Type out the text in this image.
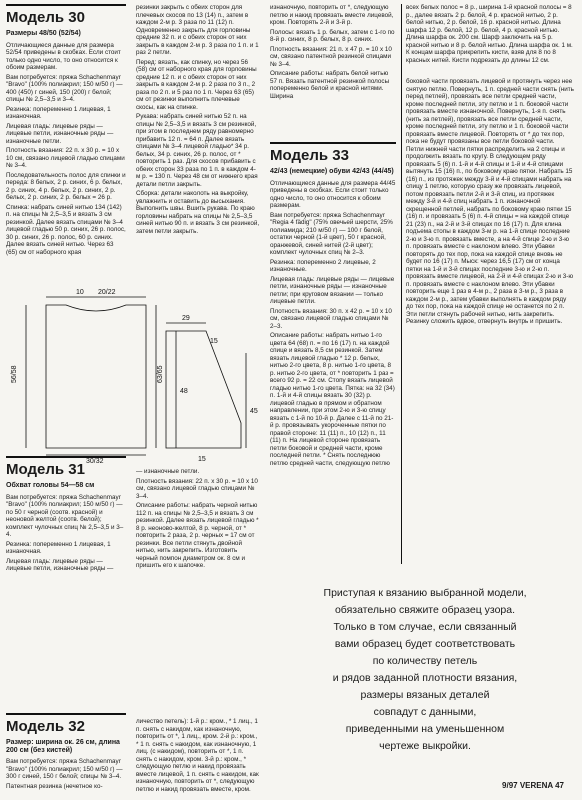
Модель 30
Размеры 48/50 (52/54)

Отличающиеся данные для размера 52/54 приведены в скобках. Если стоит только одно число, то оно относится к обоим размерам.

Вам потребуется: пряжа Schachenmayr "Bravo" (100% полиакрил; 150 м/50 г) — 400 (450) г синей, 150 (200) г белой; спицы № 2,5–3,5 и 3–4.

Резинка: попеременно 1 лицевая, 1 изнаночная.

Лицевая гладь: лицевые ряды — лицевые петли, изнаночные ряды — изнаночные петли.

Плотность вязания: 22 п. х 30 р. = 10 х 10 см, связано лицевой гладью спицами № 3–4.

Последовательность полос для спинки и переда: 8 белых, 2 р. синих, 6 р. белых, 2 р. синих, 4 р. белых, 2 р. синих, 2 р. белых, 2 р. синих, 2 р. белых = 26 р.

Спинка: набрать синей нитью 134 (142) п. на спицы № 2,5–3,5 и вязать 3 см резинкой. Далее вязать спицами № 3–4 лицевой гладью 50 р. синих, 26 р. полос, 30 р. синих, 26 р. полос, 60 р. синих. Далее вязать синей нитью. Через 63 (65) см от наборного края

10 20/22
56/58	63/65
30/32
29
15
48
45
15
Модель 31
Обхват головы 54—58 см

Вам потребуется: пряжа Schachenmayr "Bravo" (100% полиакрил; 150 м/50 г) — по 50 г черной (соотв. красной) и неоновой желтой (соотв. белой); комплект чулочных спиц № 2,5–3,5 и 3–4.

Резинка: попеременно 1 лицевая, 1 изнаночная.

Лицевая гладь: лицевые ряды — лицевые петли, изнаночные ряды —

Модель 32
Размер: ширина ок. 26 см, длина 200 см (без кистей)

Вам потребуется: пряжа Schachenmayr "Bravo" (100% полиакрил; 150 м/50 г) — 300 г синей, 150 г белой; спицы № 3–4.

Патентная резинка (нечетное ко-

резинки закрыть с обеих сторон для плечевых скосов по 13 (14) п., затем в каждом 2-м р. 3 раза по 11 (12) п. Одновременно закрыть для горловины средние 32 п. и с обеих сторон от них закрыть в каждом 2-м р. 3 раза по 1 п. и 1 раз 2 петли.

Перед: вязать, как спинку, но через 56 (58) см от наборного края для горловины средние 12 п. и с обеих сторон от них закрыть в каждом 2-м р. 2 раза по 3 п., 2 раза по 2 п. и 5 раз по 1 п. Через 63 (65) см от резинки выполнить плечевые скосы, как на спинке.

Рукава: набрать синей нитью 52 п. на спицы № 2,5–3,5 и вязать 3 см резинкой, при этом в последнем ряду равномерно прибавить 12 п. = 64 п. Далее вязать спицами № 3–4 лицевой гладью* 34 р. белых, 34 р. синих, 26 р. полос, от * повторить 1 раз. Для скосов прибавить с обеих сторон 33 раза по 1 п. в каждом 4-м р. = 130 п. Через 48 см от нижнего края детали петли закрыть.

Сборка: детали наколоть на выкройку, увлажнить и оставить до высыхания. Выполнить швы. Вшить рукава. По краю горловины набрать на спицы № 2,5–3,5 синей нитью 90 п. и вязать 3 см резинкой, затем петли закрыть.

— изнаночные петли.

Плотность вязания: 22 п. х 30 р. = 10 х 10 см, связано лицевой гладью спицами № 3–4.

Описание работы: набрать черной нитью 112 п. на спицы № 2,5–3,5 и вязать 3 см резинкой. Далее вязать лицевой гладью * 8 р. неоново-желтой, 8 р. черной, от * повторить 2 раза, 2 р. черных = 17 см от резинки. Все петли стянуть двойной нитью, нить закрепить. Изготовить черный помпон диаметром ок. 8 см и пришить его к шапочке.

личество петель): 1-й р.: кром., * 1 лиц., 1 п. снять с накидом, как изнаночную, повторить от *, 1 лиц., кром. 2-й р.: кром., * 1 п. снять с накидом, как изнаночную, 1 лиц. (с накидом), повторить от *, 1 п. снять с накидом, кром. 3-й р.: кром., * следующую петлю и накид провязать вместе лицевой, 1 п. снять с накидом, как изнаночную, повторить от *, следующую петлю и накид провязать вместе, кром.

изнаночную, повторить от *, следующую петлю и накид провязать вместе лицевой, кром. Повторять 2-й и 3-й р.

Полосы: вязать 1 р. белых, затем с 1-го по 8-й р. синих, 8 р. белых, 8 р. синих.

Плотность вязания: 21 п. х 47 р. = 10 х 10 см, связано патентной резинкой спицами № 3–4.

Описание работы: набрать белой нитью 57 п. Вязать патентной резинкой полосы попеременно белой и красной нитями. Ширина

Модель 33
42/43 (немецкие) обуви 42/43 (44/45)

Отличающиеся данные для размера 44/45 приведены в скобках. Если стоит только одно число, то оно относится к обоим размерам.

Вам потребуется: пряжа Schachenmayr "Regia 4 fädig" (75% овечьей шерсти, 25% полиамида; 210 м/50 г) — 100 г белой, остатки черной (1-й цвет), 50 г красной, оранжевой, синей нитей (2-й цвет); комплект чулочных спиц № 2–3.

Резинка: попеременно 2 лицевые, 2 изнаночные.

Лицевая гладь: лицевые ряды — лицевые петли, изнаночные ряды — изнаночные петли; при круговом вязании — только лицевые петли.

Плотность вязания: 30 п. х 42 р. = 10 х 10 см, связано лицевой гладью спицами № 2–3.

Описание работы: набрать нитью 1-го цвета 64 (68) п. = по 16 (17) п. на каждой спице и вязать 8,5 см резинкой. Затем вязать лицевой гладью * 12 р. белых, нитью 2-го цвета, 8 р. нитью 1-го цвета, 8 р. нитью 2-го цвета, от * повторить 1 раз = всего 92 р. = 22 см. Стопу вязать лицевой гладью нитью 1-го цвета. Пятка: на 32 (34) п. 1-й и 4-й спицы вязать 30 (32) р. лицевой гладью в прямом и обратном направлении, при этом 2-ю и 3-ю спицу вязать с 1-й по 10-й р. Далее с 11-й по 21-й р. провязывать укороченные пятки по правой стороне: 11 (11) п., 10 (12) п., 11 (11) п. На лицевой стороне провязать петли боковой и средней части, кроме последней петли. * Снять последнюю петлю средней части, следующую петлю

всех белых полос = 8 р., ширина 1-й красной полосы = 8 р., далее вязать 2 р. белой, 4 р. красной нитью, 2 р. белой нитью, 2 р. белой, 16 р. красной нитью. Длина шарфа 12 р. белой, 12 р. белой, 4 р. красной нитью. Длина шарфа ок. 200 см. Шарф заключить на 5 р. красной нитью и 8 р. белой нитью. Длина шарфа ок. 1 м. К концам шарфа прикрепить кисти, взяв для 8 по 8 красных нитей. Кисти подрезать до длины 12 см.

боковой части провязать лицевой и протянуть через нее снятую петлю. Повернуть, 1 п. средней части снять (нить перед петлей), провязать все петли средней части, кроме последней петли, эту петлю и 1 п. боковой части провязать вместе изнаночной. Повернуть, 1-я п. снять (нить за петлей), провязать все петли средней части, кроме последней петли, эту петлю и 1 п. боковой части провязать вместе лицевой. Повторять от * до тех пор, пока не будут провязаны все петли боковой части. Петли нижней части пятки распределить на 2 спицы и продолжить вязать по кругу. В следующем ряду провязать 5 (6) п. 1-й и 4-й спицы и 1-й и 4-й спицами вытянуть 15 (16) п., по боковому краю пятки. Набрать 15 (16) п., из протяжек между 3-й и 4-й спицами набрать на спицу 1 петлю, которую сразу же провязать лицевой, потом провязать петли 2-й и 3-й спиц, из протяжек между 3-й и 4-й спиц набрать 1 п. изнаночной скрещенной петлей, набрать по боковому краю пятки 15 (16) п. и провязать 5 (6) п. 4-й спицы = на каждой спице 21 (23) п., на 2-й и 3-й спицах по 16 (17) п. Для клина подъема стопы в каждом 3-м р. на 1-й спице последние 2-ю и 3-ю п. провязать вместе, а на 4-й спице 2-ю и 3-ю п. провязать вместе с наклоном влево. Эти убавки повторять до тех пор, пока на каждой спице вновь не будет по 16 (17) п. Мыск: через 16,5 (17) см от конца пятки на 1-й и 3-й спицах последние 3-ю и 2-ю п. провязать вместе лицевой, на 2-й и 4-й спицах 2-ю и 3-ю п. провязать вместе с наклоном влево. Эти убавки повторить еще 1 раз в 4-м р., 2 раза в 3-м р., 3 раза в каждом 2-м р., затем убавки выполнять в каждом ряду до тех пор, пока на каждой спице не останется по 2 п. Эти петли стянуть рабочей нитью, нить закрепить. Резинку сложить вдвое, отвернуть внутрь и пришить.

Приступая к вязанию выбранной модели,
обязательно свяжите образец узора.
Только в том случае, если связанный
вами образец будет соответствовать
по количеству петель
и рядов заданной плотности вязания,
размеры вязаных деталей
совпадут с данными,
приведенными на уменьшенном
чертеже выкройки.
9/97 VERENA 47
